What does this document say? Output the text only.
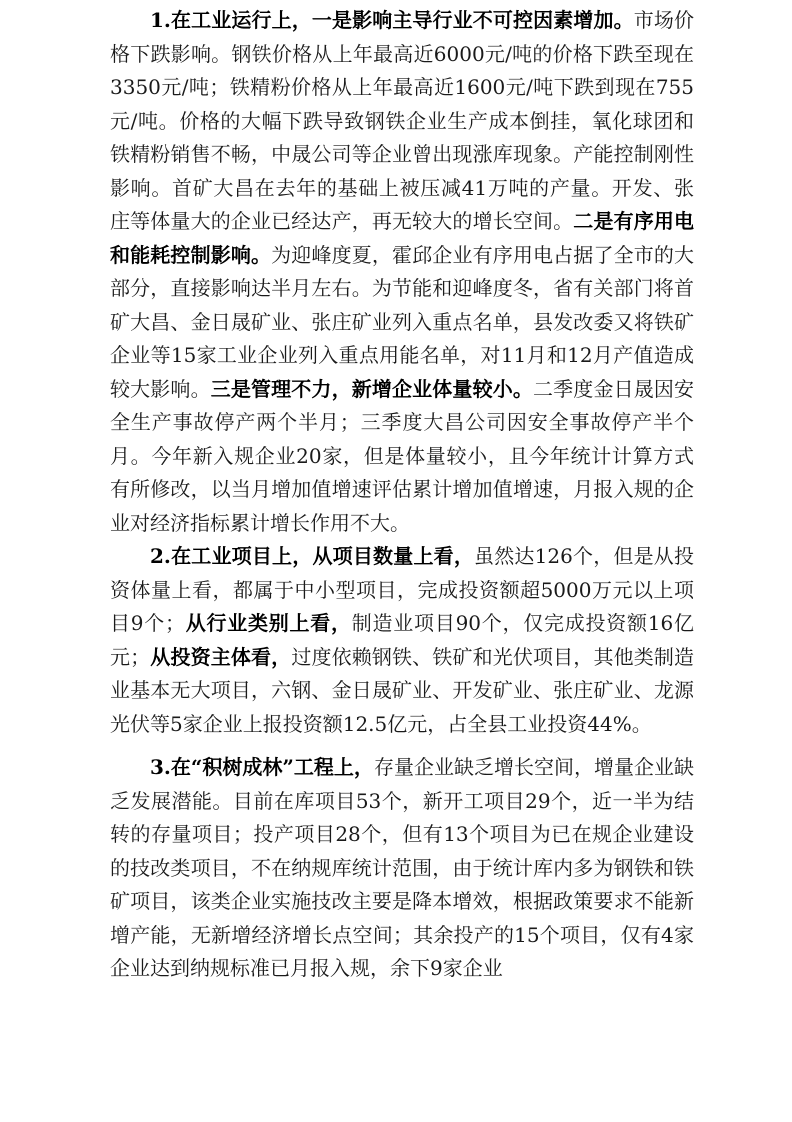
1.在工业运行上，一是影响主导行业不可控因素增加。市场价格下跌影响。钢铁价格从上年最高近6000元/吨的价格下跌至现在3350元/吨；铁精粉价格从上年最高近1600元/吨下跌到现在755元/吨。价格的大幅下跌导致钢铁企业生产成本倒挂，氧化球团和铁精粉销售不畅，中晟公司等企业曾出现涨库现象。产能控制刚性影响。首矿大昌在去年的基础上被压减41万吨的产量。开发、张庄等体量大的企业已经达产，再无较大的增长空间。二是有序用电和能耗控制影响。为迎峰度夏，霍邱企业有序用电占据了全市的大部分，直接影响达半月左右。为节能和迎峰度冬，省有关部门将首矿大昌、金日晟矿业、张庄矿业列入重点名单，县发改委又将铁矿企业等15家工业企业列入重点用能名单，对11月和12月产值造成较大影响。三是管理不力，新增企业体量较小。二季度金日晟因安全生产事故停产两个半月；三季度大昌公司因安全事故停产半个月。今年新入规企业20家，但是体量较小，且今年统计计算方式有所修改，以当月增加值增速评估累计增加值增速，月报入规的企业对经济指标累计增长作用不大。

2.在工业项目上，从项目数量上看，虽然达126个，但是从投资体量上看，都属于中小型项目，完成投资额超5000万元以上项目9个；从行业类别上看，制造业项目90个，仅完成投资额16亿元；从投资主体看，过度依赖钢铁、铁矿和光伏项目，其他类制造业基本无大项目，六钢、金日晟矿业、开发矿业、张庄矿业、龙源光伏等5家企业上报投资额12.5亿元，占全县工业投资44%。

3.在“积树成林”工程上，存量企业缺乏增长空间，增量企业缺乏发展潜能。目前在库项目53个，新开工项目29个，近一半为结转的存量项目；投产项目28个，但有13个项目为已在规企业建设的技改类项目，不在纳规库统计范围，由于统计库内多为钢铁和铁矿项目，该类企业实施技改主要是降本增效，根据政策要求不能新增产能，无新增经济增长点空间；其余投产的15个项目，仅有4家企业达到纳规标准已月报入规，余下9家企业
